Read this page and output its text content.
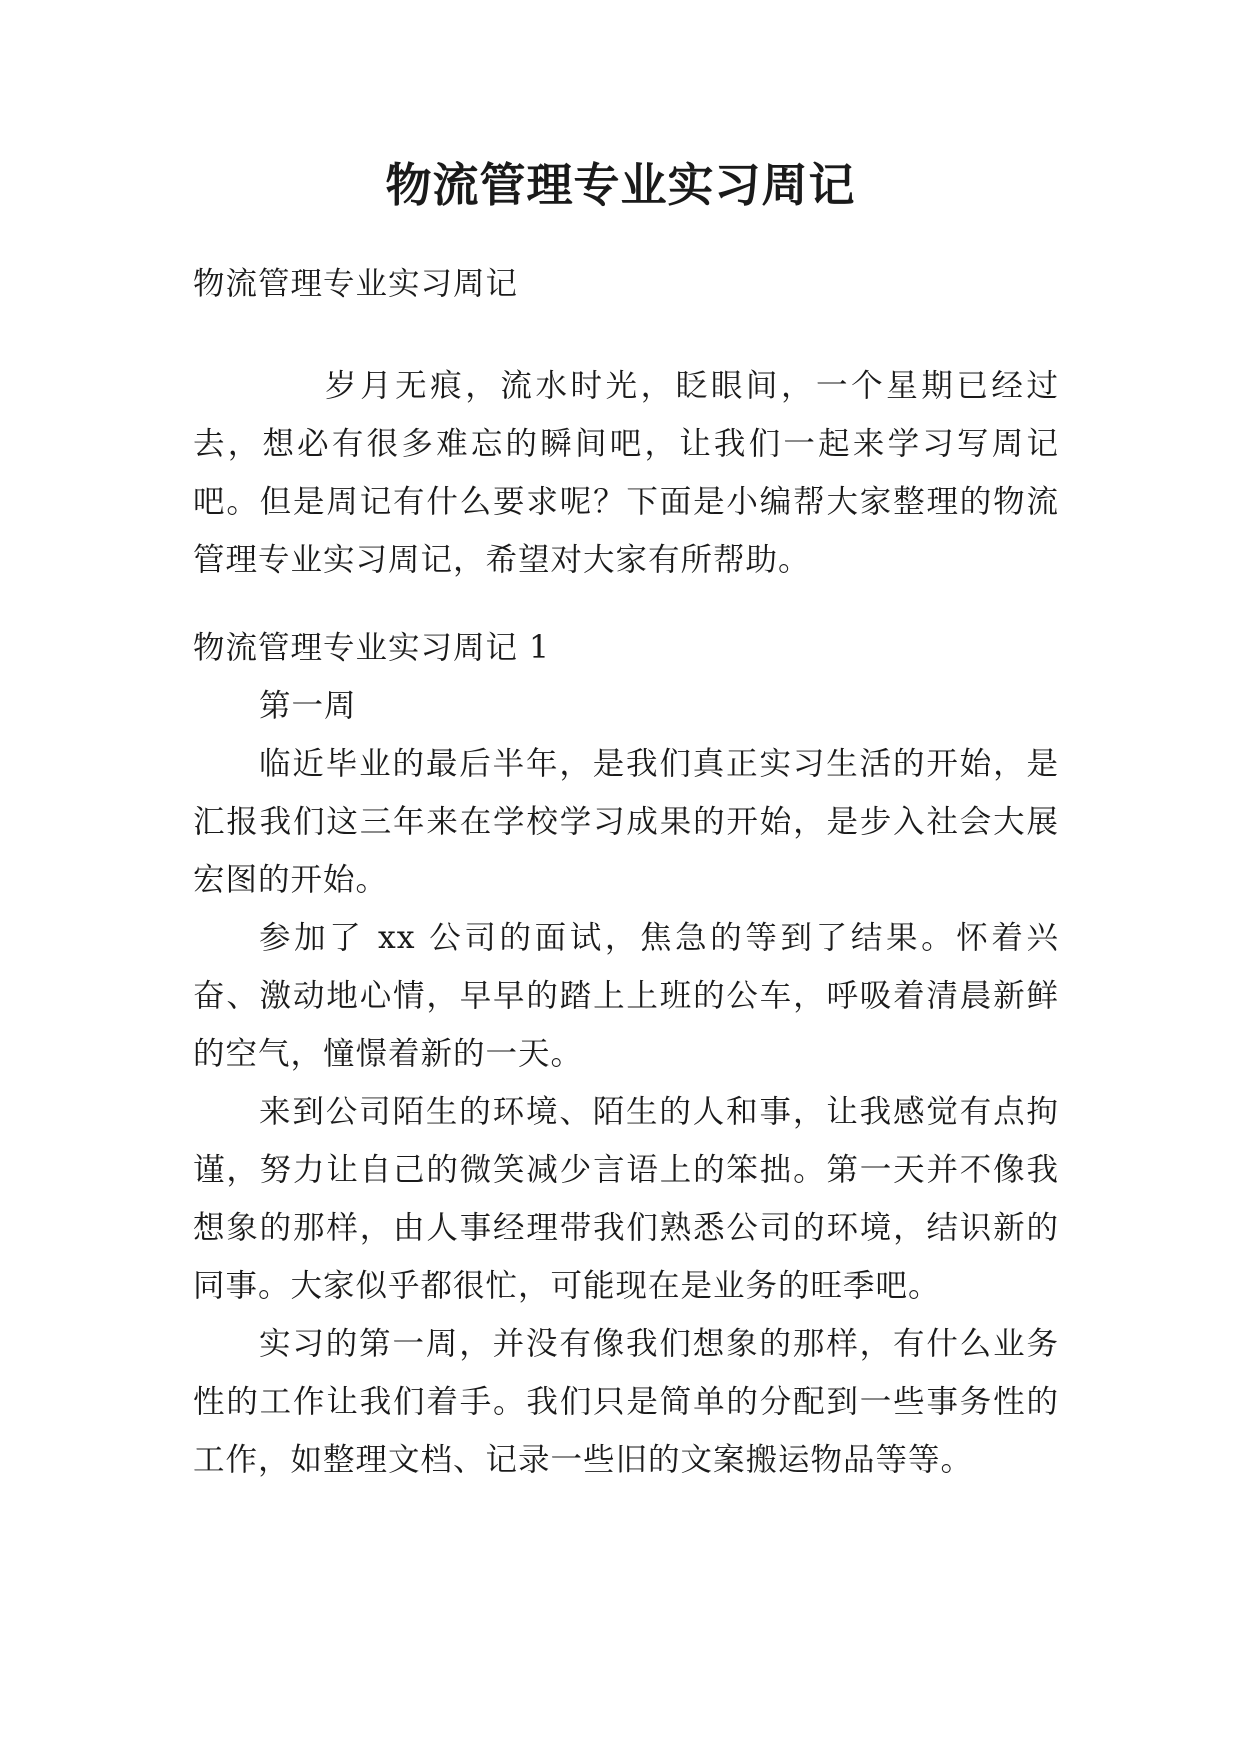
物流管理专业实习周记

物流管理专业实习周记

岁月无痕，流水时光，眨眼间，一个星期已经过去，想必有很多难忘的瞬间吧，让我们一起来学习写周记吧。但是周记有什么要求呢？下面是小编帮大家整理的物流管理专业实习周记，希望对大家有所帮助。

物流管理专业实习周记 1

第一周

临近毕业的最后半年，是我们真正实习生活的开始，是汇报我们这三年来在学校学习成果的开始，是步入社会大展宏图的开始。

参加了 xx 公司的面试，焦急的等到了结果。怀着兴奋、激动地心情，早早的踏上上班的公车，呼吸着清晨新鲜的空气，憧憬着新的一天。

来到公司陌生的环境、陌生的人和事，让我感觉有点拘谨，努力让自己的微笑减少言语上的笨拙。第一天并不像我想象的那样，由人事经理带我们熟悉公司的环境，结识新的同事。大家似乎都很忙，可能现在是业务的旺季吧。

实习的第一周，并没有像我们想象的那样，有什么业务性的工作让我们着手。我们只是简单的分配到一些事务性的工作，如整理文档、记录一些旧的文案搬运物品等等。
